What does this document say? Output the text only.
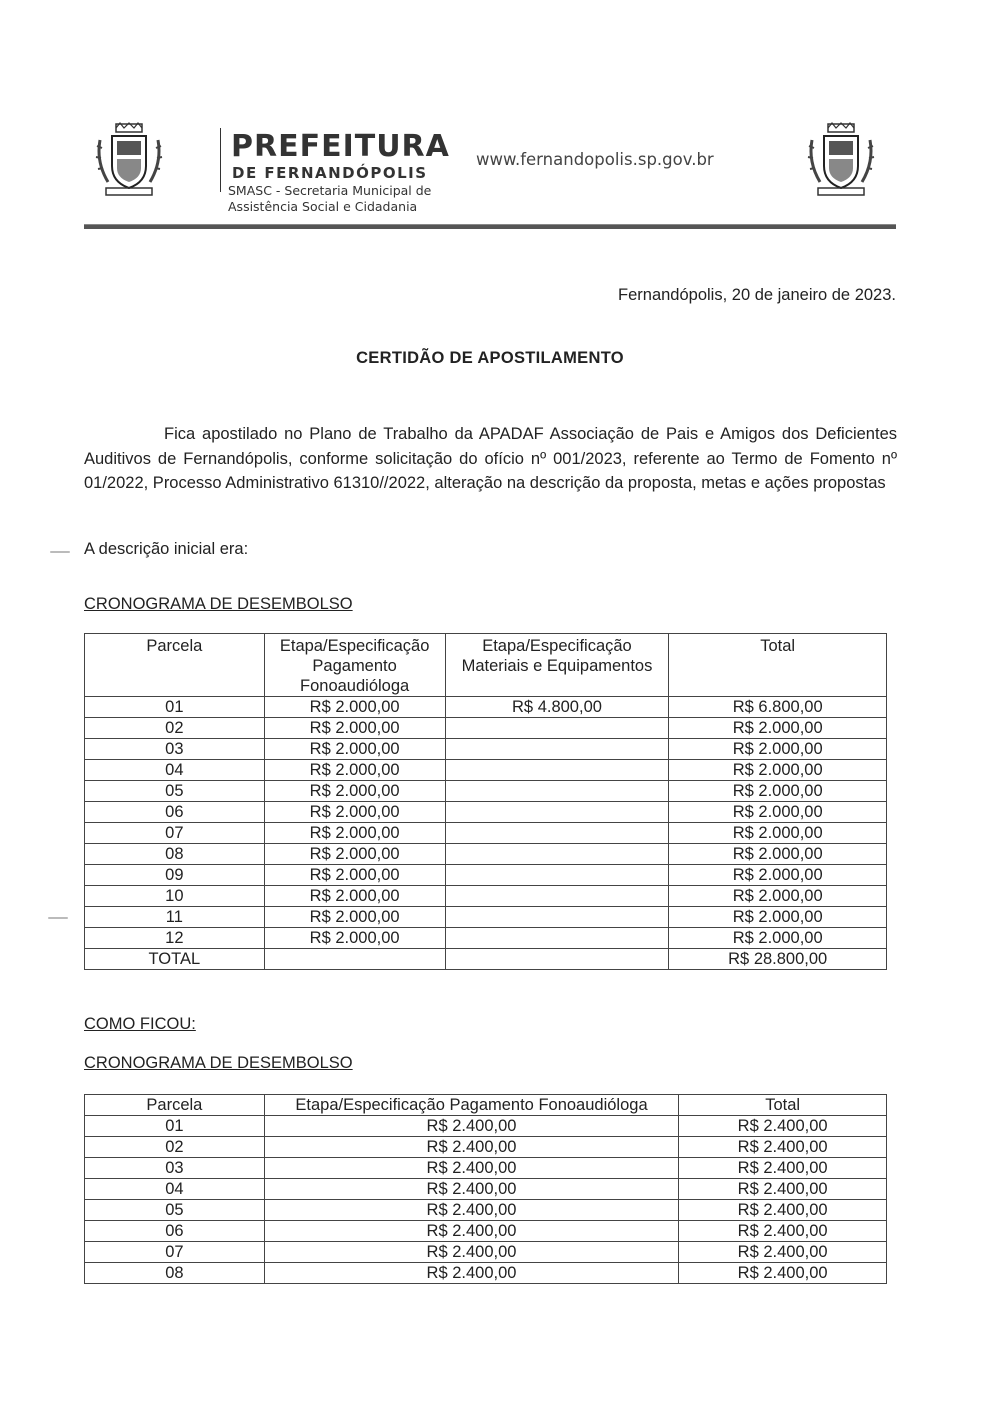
PREFEITURA
DE FERNANDÓPOLIS
SMASC - Secretaria Municipal de
Assistência Social e Cidadania
www.fernandopolis.sp.gov.br
Fernandópolis, 20 de janeiro de 2023.
CERTIDÃO DE APOSTILAMENTO
Fica apostilado no Plano de Trabalho da APADAF Associação de Pais e Amigos dos Deficientes Auditivos de Fernandópolis, conforme solicitação do ofício nº 001/2023, referente ao Termo de Fomento nº 01/2022, Processo Administrativo 61310//2022, alteração na descrição da proposta, metas e ações propostas
A descrição inicial era:
CRONOGRAMA DE DESEMBOLSO
Parcela	Etapa/Especificação Pagamento Fonoaudióloga	Etapa/Especificação Materiais e Equipamentos	Total
01	R$ 2.000,00	R$ 4.800,00	R$ 6.800,00
02	R$ 2.000,00		R$ 2.000,00
03	R$ 2.000,00		R$ 2.000,00
04	R$ 2.000,00		R$ 2.000,00
05	R$ 2.000,00		R$ 2.000,00
06	R$ 2.000,00		R$ 2.000,00
07	R$ 2.000,00		R$ 2.000,00
08	R$ 2.000,00		R$ 2.000,00
09	R$ 2.000,00		R$ 2.000,00
10	R$ 2.000,00		R$ 2.000,00
11	R$ 2.000,00		R$ 2.000,00
12	R$ 2.000,00		R$ 2.000,00
TOTAL			R$ 28.800,00
COMO FICOU:
CRONOGRAMA DE DESEMBOLSO
Parcela	Etapa/Especificação Pagamento Fonoaudióloga	Total
01	R$ 2.400,00	R$ 2.400,00
02	R$ 2.400,00	R$ 2.400,00
03	R$ 2.400,00	R$ 2.400,00
04	R$ 2.400,00	R$ 2.400,00
05	R$ 2.400,00	R$ 2.400,00
06	R$ 2.400,00	R$ 2.400,00
07	R$ 2.400,00	R$ 2.400,00
08	R$ 2.400,00	R$ 2.400,00
